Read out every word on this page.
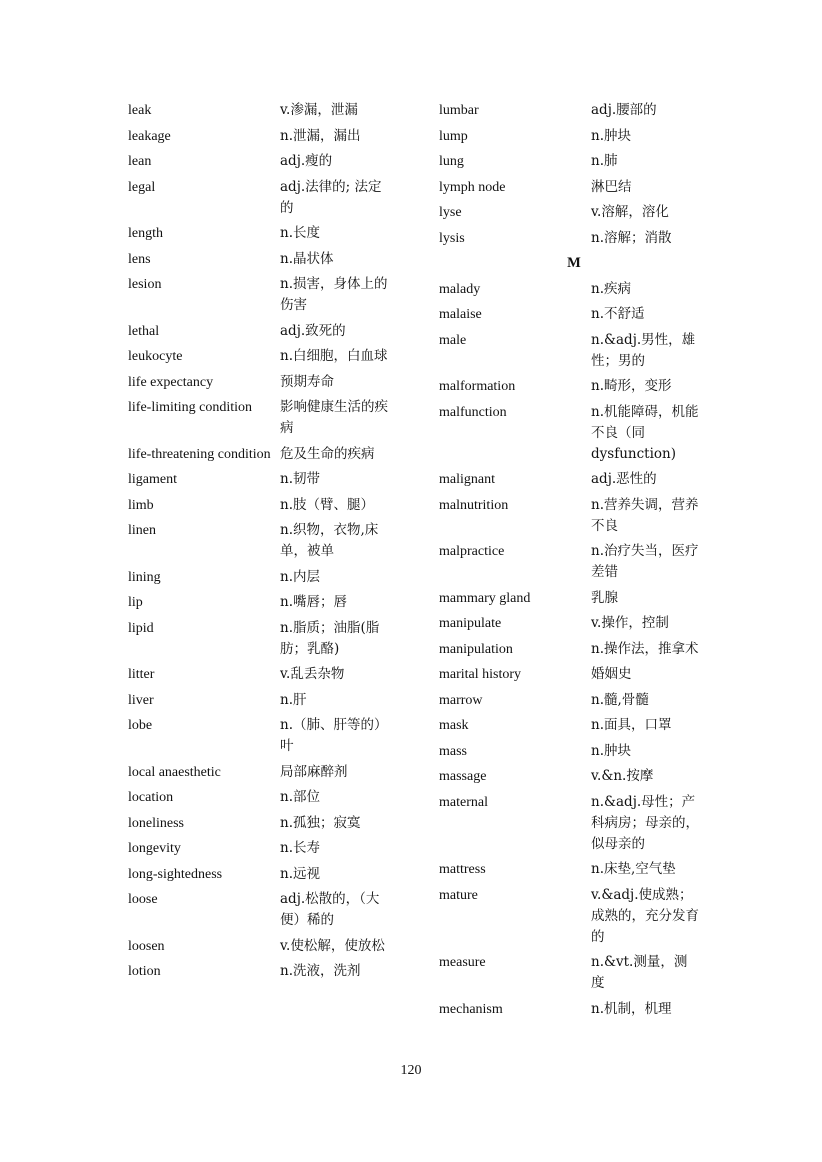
leak	v.渗漏，泄漏
leakage	n.泄漏，漏出
lean	adj.瘦的
legal	adj.法律的; 法定的
length	n.长度
lens	n.晶状体
lesion	n.损害，身体上的伤害
lethal	adj.致死的
leukocyte	n.白细胞，白血球
life expectancy	预期寿命
life-limiting condition	影响健康生活的疾病
life-threatening condition 危及生命的疾病
ligament	n.韧带
limb	n.肢（臂、腿）
linen	n.织物，衣物,床单，被单
lining	n.内层
lip	n.嘴唇；唇
lipid	n.脂质；油脂(脂肪；乳酪)
litter	v.乱丢杂物
liver	n.肝
lobe	n.（肺、肝等的）叶
local anaesthetic	局部麻醉剂
location	n.部位
loneliness	n.孤独；寂寞
longevity	n.长寿
long-sightedness	n.远视
loose	adj.松散的，（大便）稀的
loosen	v.使松解，使放松
lotion	n.洗液，洗剂
lumbar	adj.腰部的
lump	n.肿块
lung	n.肺
lymph node	淋巴结
lyse	v.溶解，溶化
lysis	n.溶解；消散
M
malady	n.疾病
malaise	n.不舒适
male	n.&adj.男性，雄性；男的
malformation	n.畸形，变形
malfunction	n.机能障碍，机能不良（同dysfunction)
malignant	adj.恶性的
malnutrition	n.营养失调，营养不良
malpractice	n.治疗失当，医疗差错
mammary gland	乳腺
manipulate	v.操作，控制
manipulation	n.操作法，推拿术
marital history	婚姻史
marrow	n.髓,骨髓
mask	n.面具，口罩
mass	n.肿块
massage	v.&n.按摩
maternal	n.&adj.母性；产科病房；母亲的，似母亲的
mattress	n.床垫,空气垫
mature	v.&adj.使成熟；成熟的，充分发育的
measure	n.&vt.测量，测度
mechanism	n.机制，机理
120
